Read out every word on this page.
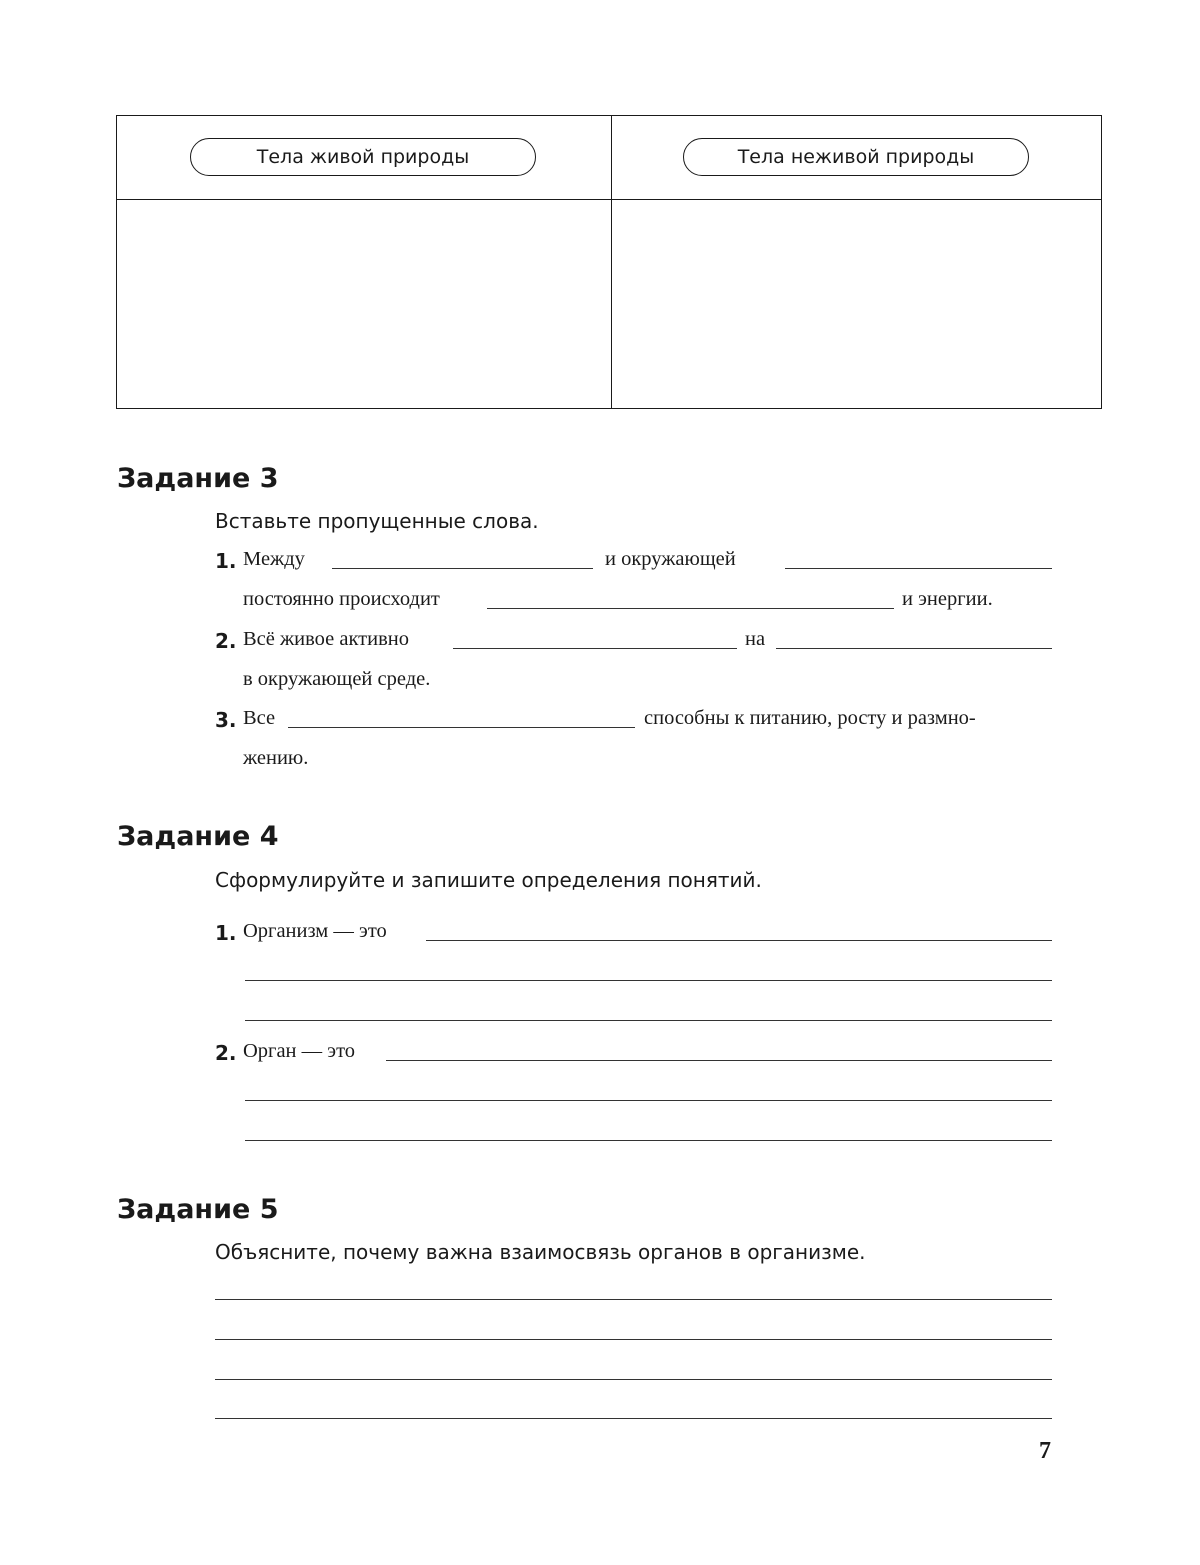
Тела живой природы	Тела неживой природы
Задание 3
Вставьте пропущенные слова.
1. Между	и окружающей
постоянно происходит	и энергии.
2. Всё живое активно	на
в окружающей среде.
3. Все	способны к питанию, росту и размно-
жению.
Задание 4
Сформулируйте и запишите определения понятий.
1. Организм — это
2. Орган — это
Задание 5
Объясните, почему важна взаимосвязь органов в организме.
7
